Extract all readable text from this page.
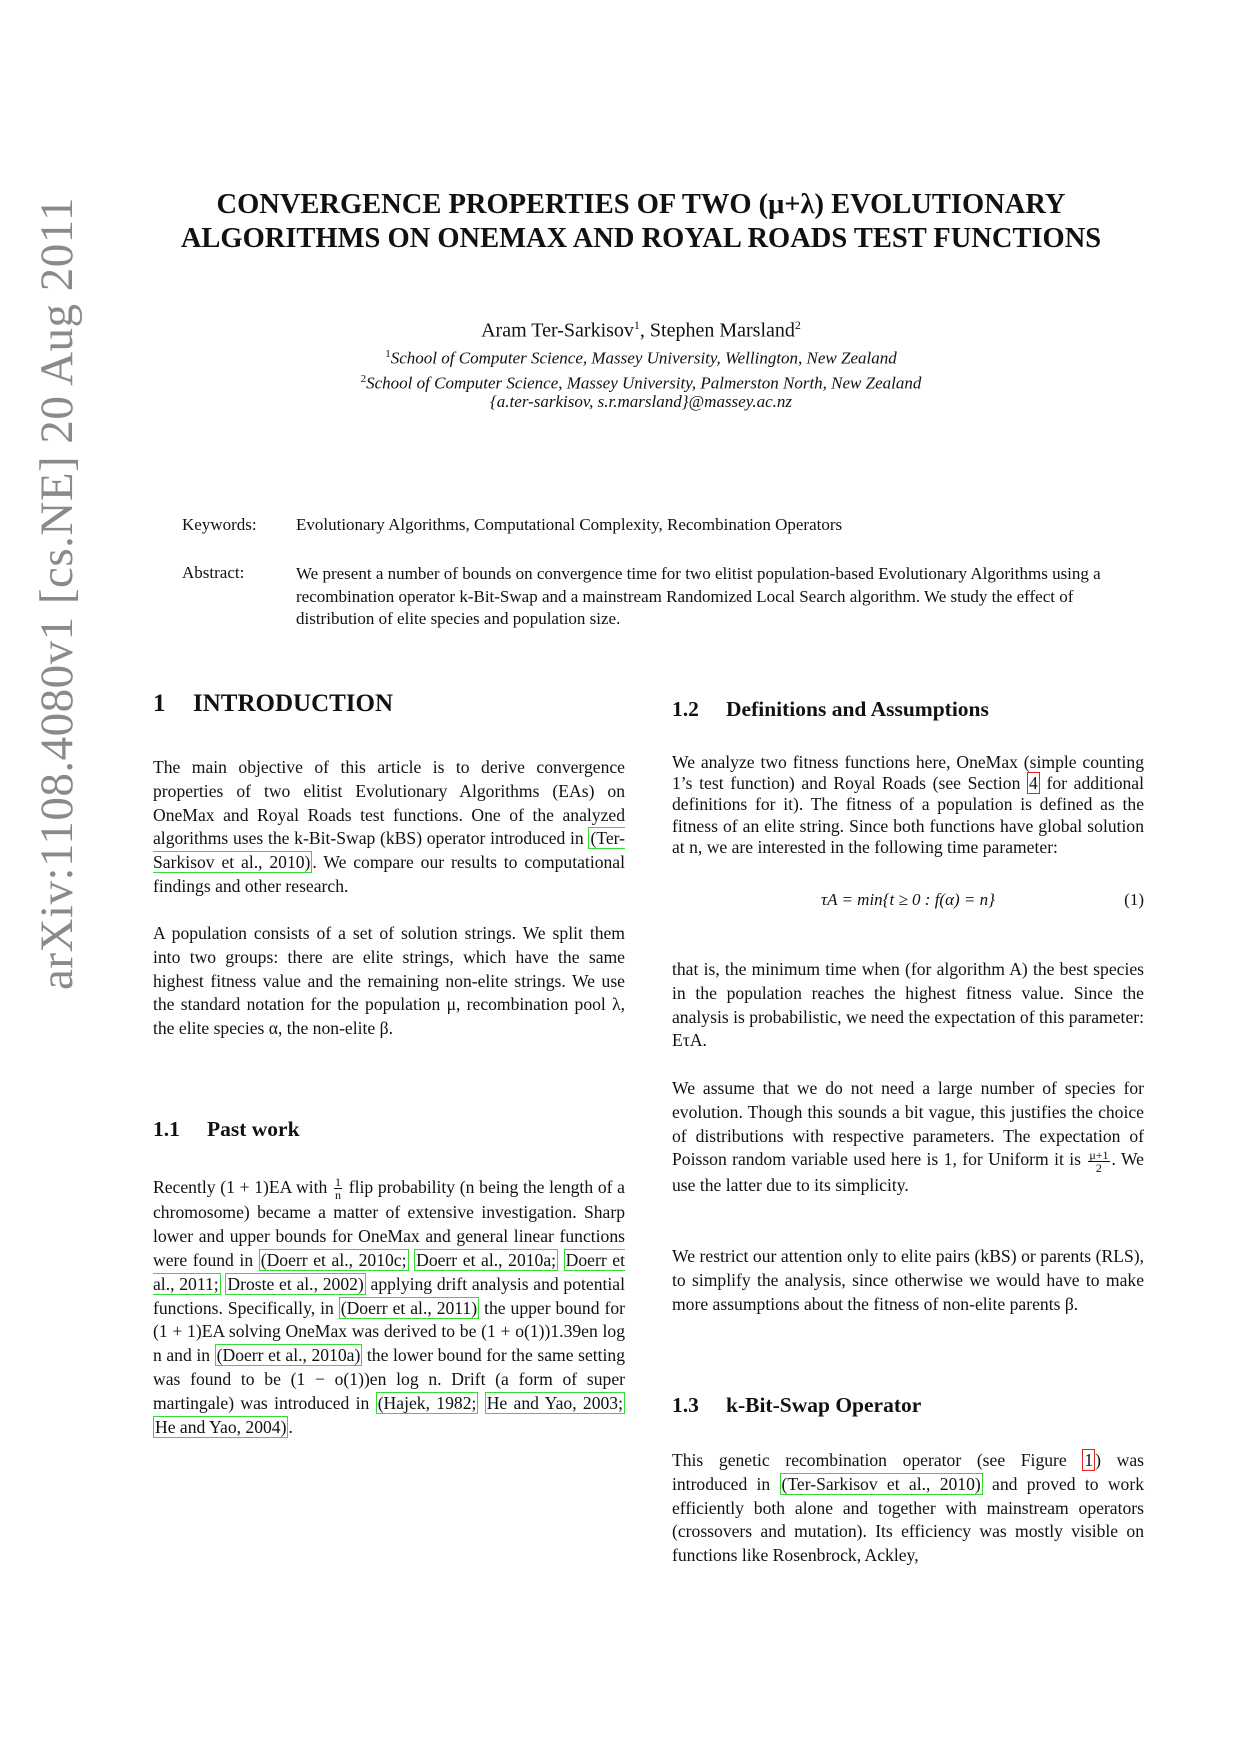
arXiv:1108.4080v1 [cs.NE] 20 Aug 2011	CONVERGENCE PROPERTIES OF TWO (μ+λ) EVOLUTIONARY
ALGORITHMS ON ONEMAX AND ROYAL ROADS TEST FUNCTIONS
Aram Ter-Sarkisov$^1$, Stephen Marsland$^2$
$^1$School of Computer Science, Massey University, Wellington, New Zealand
$^2$School of Computer Science, Massey University, Palmerston North, New Zealand
{a.ter-sarkisov, s.r.marsland}@massey.ac.nz
Keywords: Evolutionary Algorithms, Computational Complexity, Recombination Operators
Abstract:	We present a number of bounds on convergence time for two elitist population-based Evolutionary Algorithms using a recombination operator k-Bit-Swap and a mainstream Randomized Local Search algorithm. We study the effect of distribution of elite species and population size.
1 INTRODUCTION
The main objective of this article is to derive convergence properties of two elitist Evolutionary Algorithms (EAs) on OneMax and Royal Roads test functions. One of the analyzed algorithms uses the k-Bit-Swap (kBS) operator introduced in (Ter-Sarkisov et al., 2010) . We compare our results to computational findings and other research.
A population consists of a set of solution strings. We split them into two groups: there are elite strings, which have the same highest fitness value and the remaining non-elite strings. We use the standard notation for the population μ, recombination pool λ, the elite species α, the non-elite β.
1.1 Past work
Recently (1 + 1)EA with $\frac{1}{n}$ flip probability (n being the length of a chromosome) became a matter of extensive investigation. Sharp lower and upper bounds for OneMax and general linear functions were found in (Doerr et al., 2010c; Doerr et al., 2010a; Doerr et al., 2011; Droste et al., 2002) applying drift analysis and potential functions. Specifically, in (Doerr et al., 2011) the upper bound for (1 + 1)EA solving OneMax was derived to be (1 + o(1))1.39en log n and in (Doerr et al., 2010a) the lower bound for the same setting was found to be (1 − o(1))en log n. Drift (a form of super martingale) was introduced in (Hajek, 1982; He and Yao, 2003; He and Yao, 2004) .
1.2 Definitions and Assumptions
We analyze two fitness functions here, OneMax (simple counting 1’s test function) and Royal Roads (see Section 4 for additional definitions for it). The fitness of a population is defined as the fitness of an elite string. Since both functions have global solution at n, we are interested in the following time parameter:
τA = min{t ≥ 0 : f(α) = n}	(1)
that is, the minimum time when (for algorithm A) the best species in the population reaches the highest fitness value. Since the analysis is probabilistic, we need the expectation of this parameter: EτA.
We assume that we do not need a large number of species for evolution. Though this sounds a bit vague, this justifies the choice of distributions with respective parameters. The expectation of Poisson random variable used here is 1, for Uniform it is $\frac{\mu+1}{2}$ . We use the latter due to its simplicity.
We restrict our attention only to elite pairs (kBS) or parents (RLS), to simplify the analysis, since otherwise we would have to make more assumptions about the fitness of non-elite parents β.
1.3 k-Bit-Swap Operator
This genetic recombination operator (see Figure 1 ) was introduced in (Ter-Sarkisov et al., 2010) and proved to work efficiently both alone and together with mainstream operators (crossovers and mutation). Its efficiency was mostly visible on functions like Rosenbrock, Ackley,
